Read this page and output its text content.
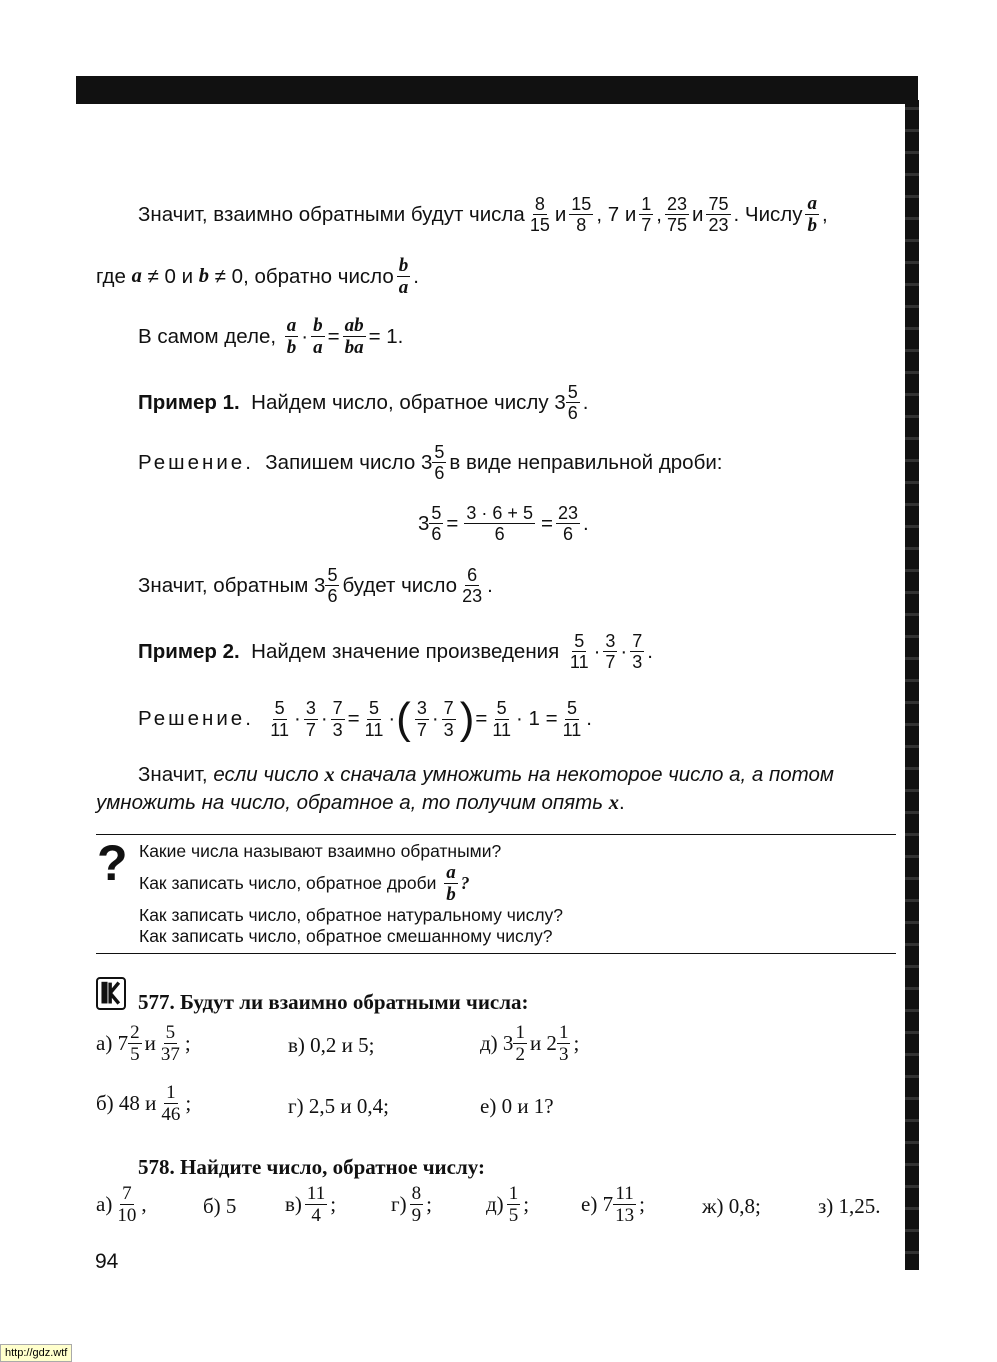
Значит, взаимно обратными будут числа $\frac{8}{15}$ и $\frac{15}{8}$ , 7 и $\frac{1}{7}$ , $\frac{23}{75}$ и $\frac{75}{23}$ . Числу $\frac{a}{b}$ ,
где
a
≠ 0 и
b
≠ 0, обратно число $\frac{b}{a}$ .
В самом деле,
$\frac{a}{b} \cdot \frac{b}{a} = \frac{ab}{ba} = 1$.
Пример 1.
Найдем число, обратное числу $3 \frac{5}{6}$ .
Решение.
Запишем число $3 \frac{5}{6}$ в виде неправильной дроби:
$3 \frac{5}{6} = \frac{3 \cdot 6 + 5}{6} = \frac{23}{6}$ .
Значит, обратным $3 \frac{5}{6}$ будет число $\frac{6}{23}$ .
Пример 2.
Найдем значение произведения
$\frac{5}{11} \cdot \frac{3}{7} \cdot \frac{7}{3}$ .
Решение.
$\frac{5}{11} \cdot \frac{3}{7} \cdot \frac{7}{3} = \frac{5}{11}$ · ( $\frac{3}{7} \cdot \frac{7}{3}$ ) = $\frac{5}{11} \cdot 1 = \frac{5}{11}$ .
Значит,
если число
x
сначала умножить на некоторое число
a , а потом
умножить на число, обратное
a , то получим опять
x .
? Какие числа называют взаимно обратными?
Как записать число, обратное дроби
$\frac{a}{b}$ ?
Как записать число, обратное натуральному числу?
Как записать число, обратное смешанному числу?
577. Будут ли взаимно обратными числа:
а) $7 \frac{2}{5}$ и $\frac{5}{37}$ ;	в) 0,2 и 5;	д) $3 \frac{1}{2}$ и $2 \frac{1}{3}$ ;
б) 48 и $\frac{1}{46}$ ;	г) 2,5 и 0,4;	е) 0 и 1?
578. Найдите число, обратное числу:
$а) \frac{7}{10}$ ,	б) 5 $в) \frac{11}{4}$ ;	$г) \frac{8}{9}$ ;	$д) \frac{1}{5}$ ; е) $7 \frac{11}{13}$ ;	ж) 0,8;	з) 1,25.
94
http://gdz.wtf
